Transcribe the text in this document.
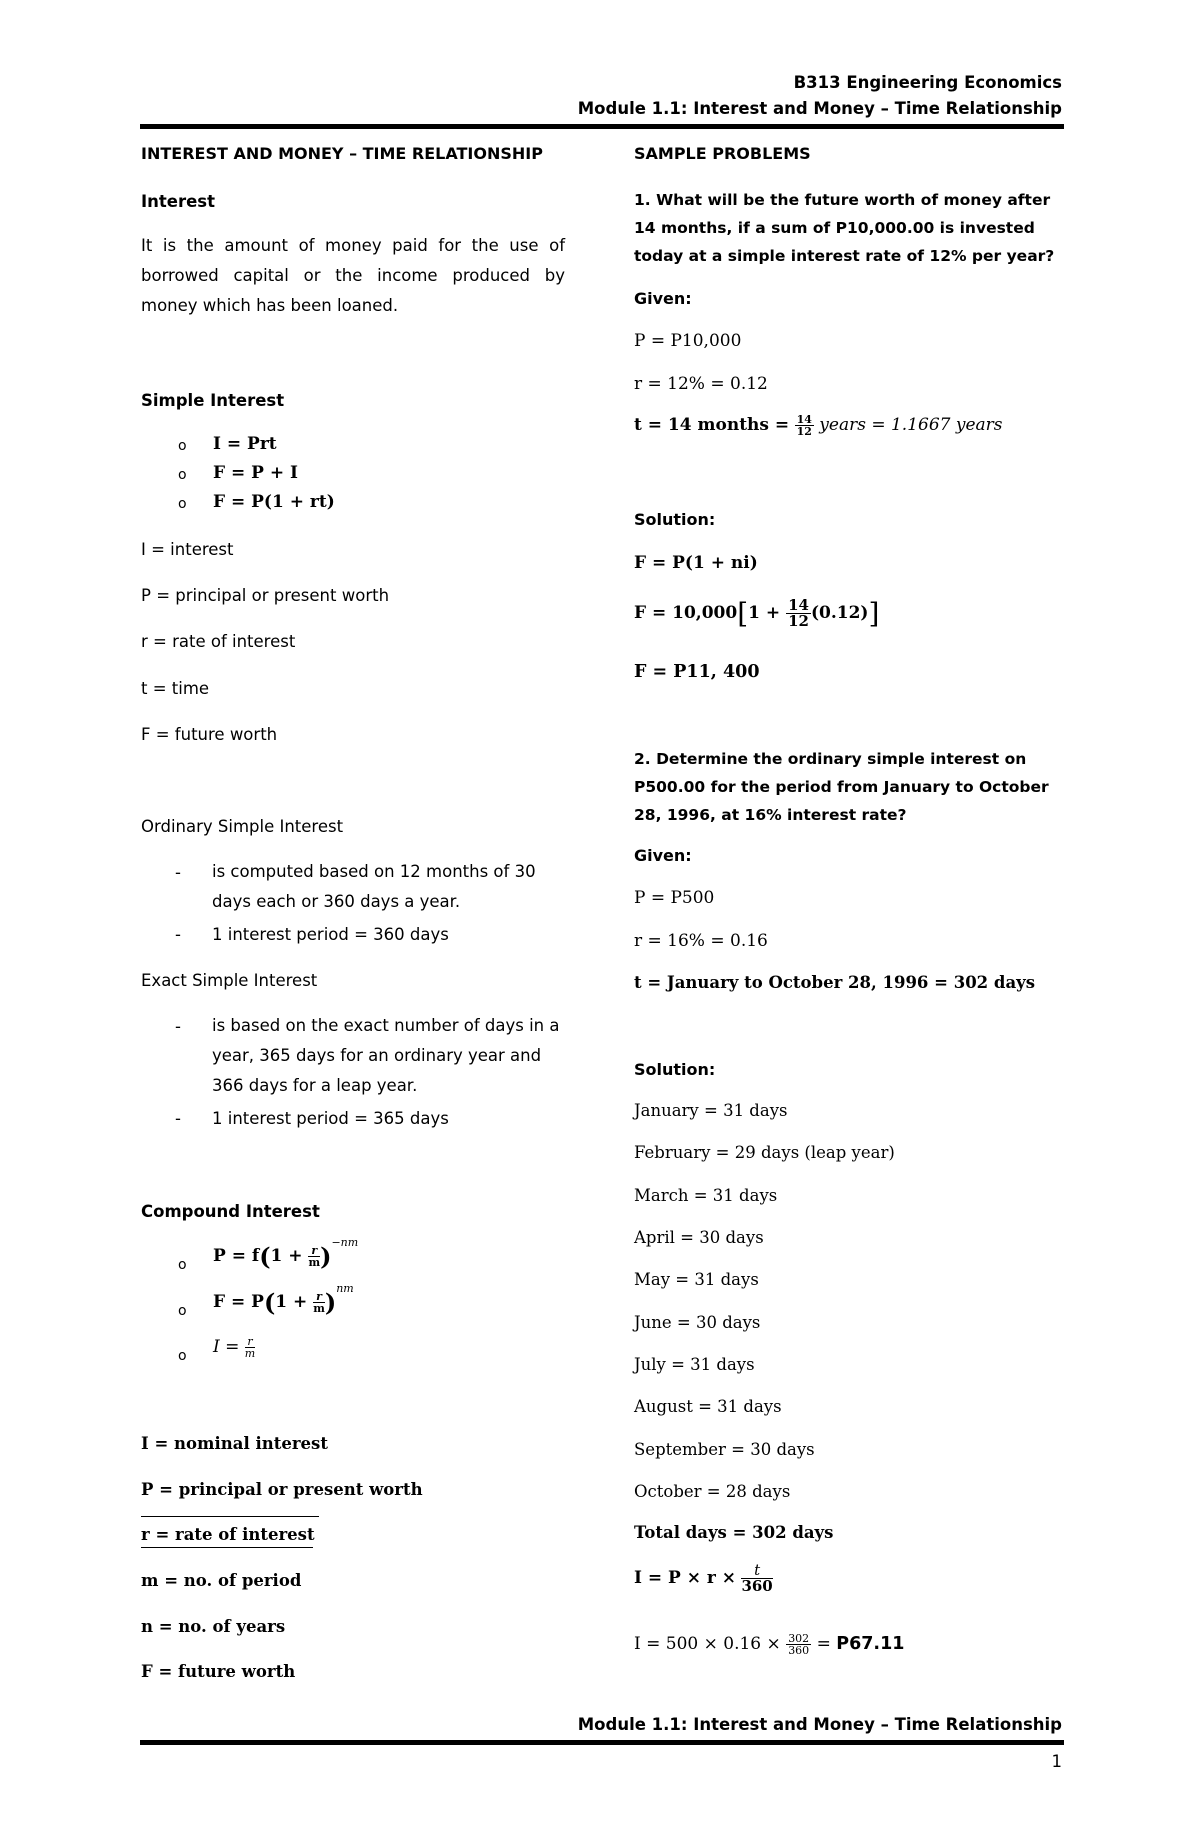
B313 Engineering Economics
Module 1.1: Interest and Money – Time Relationship
INTEREST AND MONEY – TIME RELATIONSHIP
Interest
It is the amount of money paid for the use of borrowed capital or the income produced by money which has been loaned.
Simple Interest
o I = Prt
o F = P + I
o F = P(1 + rt)
I = interest
P = principal or present worth
r = rate of interest
t = time
F = future worth
Ordinary Simple Interest
- is computed based on 12 months of 30 days each or 360 days a year.
- 1 interest period = 360 days
Exact Simple Interest
- is based on the exact number of days in a year, 365 days for an ordinary year and 366 days for a leap year.
- 1 interest period = 365 days
Compound Interest
o $P = f(1 + \frac{r}{m} )^{-nm}$
o $F = P(1 + \frac{r}{m} )^{nm}$
o $I = \frac{r}{m}$
I = nominal interest
P = principal or present worth
r = rate of interest
m = no. of period
n = no. of years
F = future worth
SAMPLE PROBLEMS
1. What will be the future worth of money after 14 months, if a sum of P10,000.00 is invested today at a simple interest rate of 12% per year?
Given:
P = P10,000
r = 12% = 0.12
t = 14 months = $\frac{14}{12}$ years = 1.1667 years
Solution:
F = P(1 + ni)
$F = 10,000[1 + \frac{14}{12} (0.12)]$
F = P11, 400
2. Determine the ordinary simple interest on P500.00 for the period from January to October 28, 1996, at 16% interest rate?
Given:
P = P500
r = 16% = 0.16
t = January to October 28, 1996 = 302 days
Solution:
January = 31 days
February = 29 days (leap year)
March = 31 days
April = 30 days
May = 31 days
June = 30 days
July = 31 days
August = 31 days
September = 30 days
October = 28 days
Total days = 302 days
$I = P \times r \times \frac{t}{360}$
$I = 500 \times 0.16 \times \frac{302}{360} = P67.11$
Module 1.1: Interest and Money – Time Relationship
1
